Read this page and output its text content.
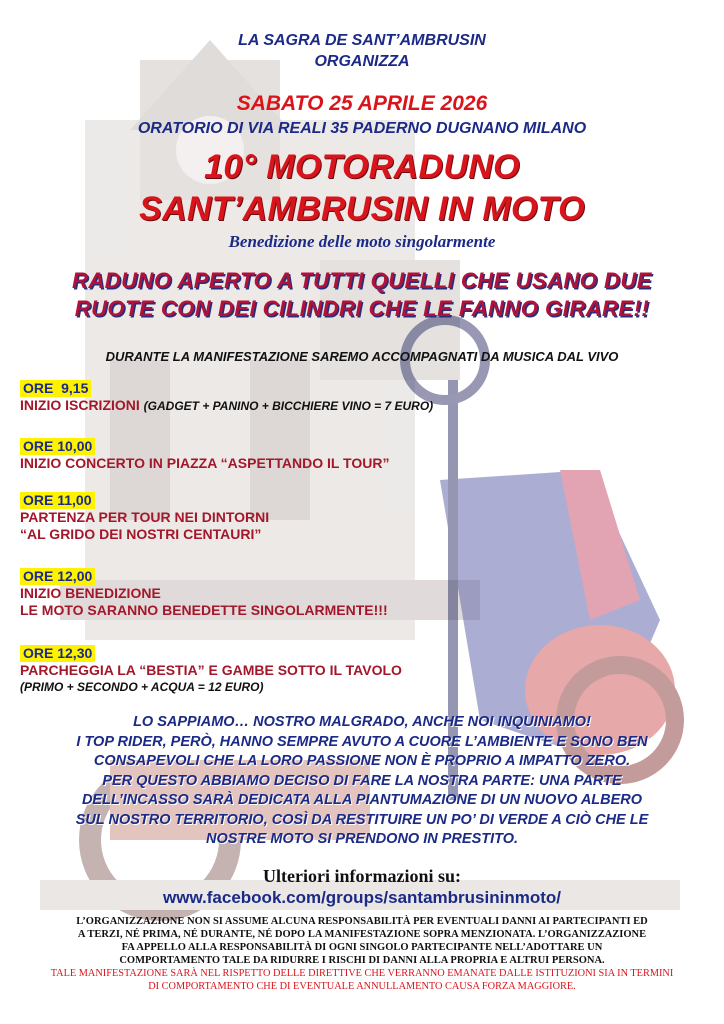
LA SAGRA DE SANT’AMBRUSIN
ORGANIZZA
SABATO 25 APRILE 2026
ORATORIO DI VIA REALI 35 PADERNO DUGNANO MILANO
10° MOTORADUNO
SANT’AMBRUSIN IN MOTO
Benedizione delle moto singolarmente
RADUNO APERTO A TUTTI QUELLI CHE USANO DUE
RUOTE CON DEI CILINDRI CHE LE FANNO GIRARE!!
DURANTE LA MANIFESTAZIONE SAREMO ACCOMPAGNATI DA MUSICA DAL VIVO
ORE  9,15
INIZIO ISCRIZIONI (GADGET + PANINO + BICCHIERE VINO = 7 EURO)
ORE 10,00
INIZIO CONCERTO IN PIAZZA “ASPETTANDO IL TOUR”
ORE 11,00
PARTENZA PER TOUR NEI DINTORNI
“AL GRIDO DEI NOSTRI CENTAURI”
ORE 12,00
INIZIO BENEDIZIONE
LE MOTO SARANNO BENEDETTE SINGOLARMENTE!!!
ORE 12,30
PARCHEGGIA LA “BESTIA” E GAMBE SOTTO IL TAVOLO
(PRIMO + SECONDO + ACQUA = 12 EURO)
LO SAPPIAMO… NOSTRO MALGRADO, ANCHE NOI INQUINIAMO!
I TOP RIDER, PERÒ, HANNO SEMPRE AVUTO A CUORE L’AMBIENTE E SONO BEN
CONSAPEVOLI CHE LA LORO PASSIONE NON È PROPRIO A IMPATTO ZERO.
PER QUESTO ABBIAMO DECISO DI FARE LA NOSTRA PARTE: UNA PARTE
DELL’INCASSO SARÀ DEDICATA ALLA PIANTUMAZIONE DI UN NUOVO ALBERO
SUL NOSTRO TERRITORIO, COSÌ DA RESTITUIRE UN PO’ DI VERDE A CIÒ CHE LE
NOSTRE MOTO SI PRENDONO IN PRESTITO.
Ulteriori informazioni su:
www.facebook.com/groups/santambrusininmoto/
L’ORGANIZZAZIONE NON SI ASSUME ALCUNA RESPONSABILITÀ PER EVENTUALI DANNI AI PARTECIPANTI ED
A TERZI, NÉ PRIMA, NÉ DURANTE, NÉ DOPO LA MANIFESTAZIONE SOPRA MENZIONATA. L’ORGANIZZAZIONE
FA APPELLO ALLA RESPONSABILITÀ DI OGNI SINGOLO PARTECIPANTE NELL’ADOTTARE UN
COMPORTAMENTO TALE DA RIDURRE I RISCHI DI DANNI ALLA PROPRIA E ALTRUI PERSONA.
TALE MANIFESTAZIONE SARÀ NEL RISPETTO DELLE DIRETTIVE CHE VERRANNO EMANATE DALLE ISTITUZIONI SIA IN TERMINI
DI COMPORTAMENTO CHE DI EVENTUALE ANNULLAMENTO CAUSA FORZA MAGGIORE.
